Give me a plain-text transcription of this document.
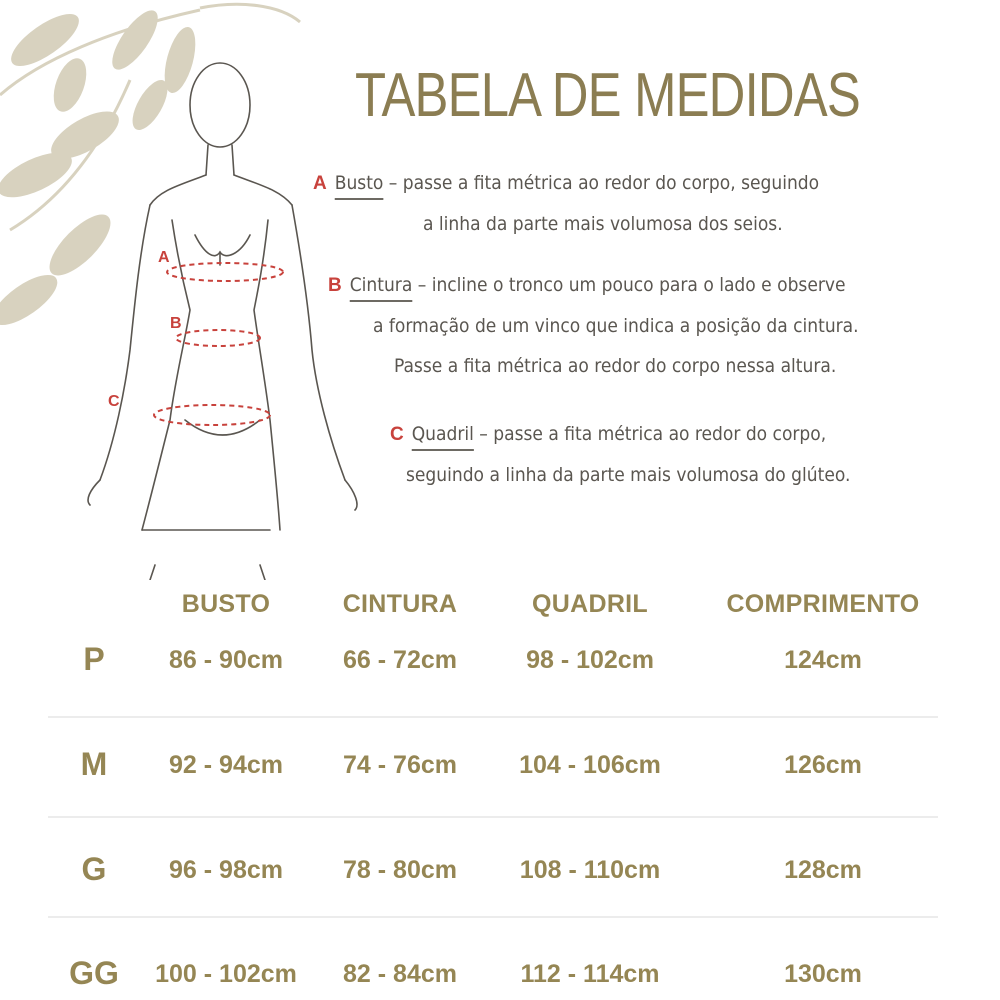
A
B
C
TABELA DE MEDIDAS
A Busto – passe a fita métrica ao redor do corpo, seguindo
a linha da parte mais volumosa dos seios.
B Cintura – incline o tronco um pouco para o lado e observe
a formação de um vinco que indica a posição da cintura.
Passe a fita métrica ao redor do corpo nessa altura.
C Quadril – passe a fita métrica ao redor do corpo,
seguindo a linha da parte mais volumosa do glúteo.
BUSTO	CINTURA	QUADRIL	COMPRIMENTO
P	86 - 90cm 66 - 72cm	98 - 102cm	124cm
M 92 - 94cm 74 - 76cm 104 - 106cm	126cm
G	96 - 98cm 78 - 80cm	108 - 110cm	128cm
GG 100 - 102cm 82 - 84cm	112 - 114cm	130cm
